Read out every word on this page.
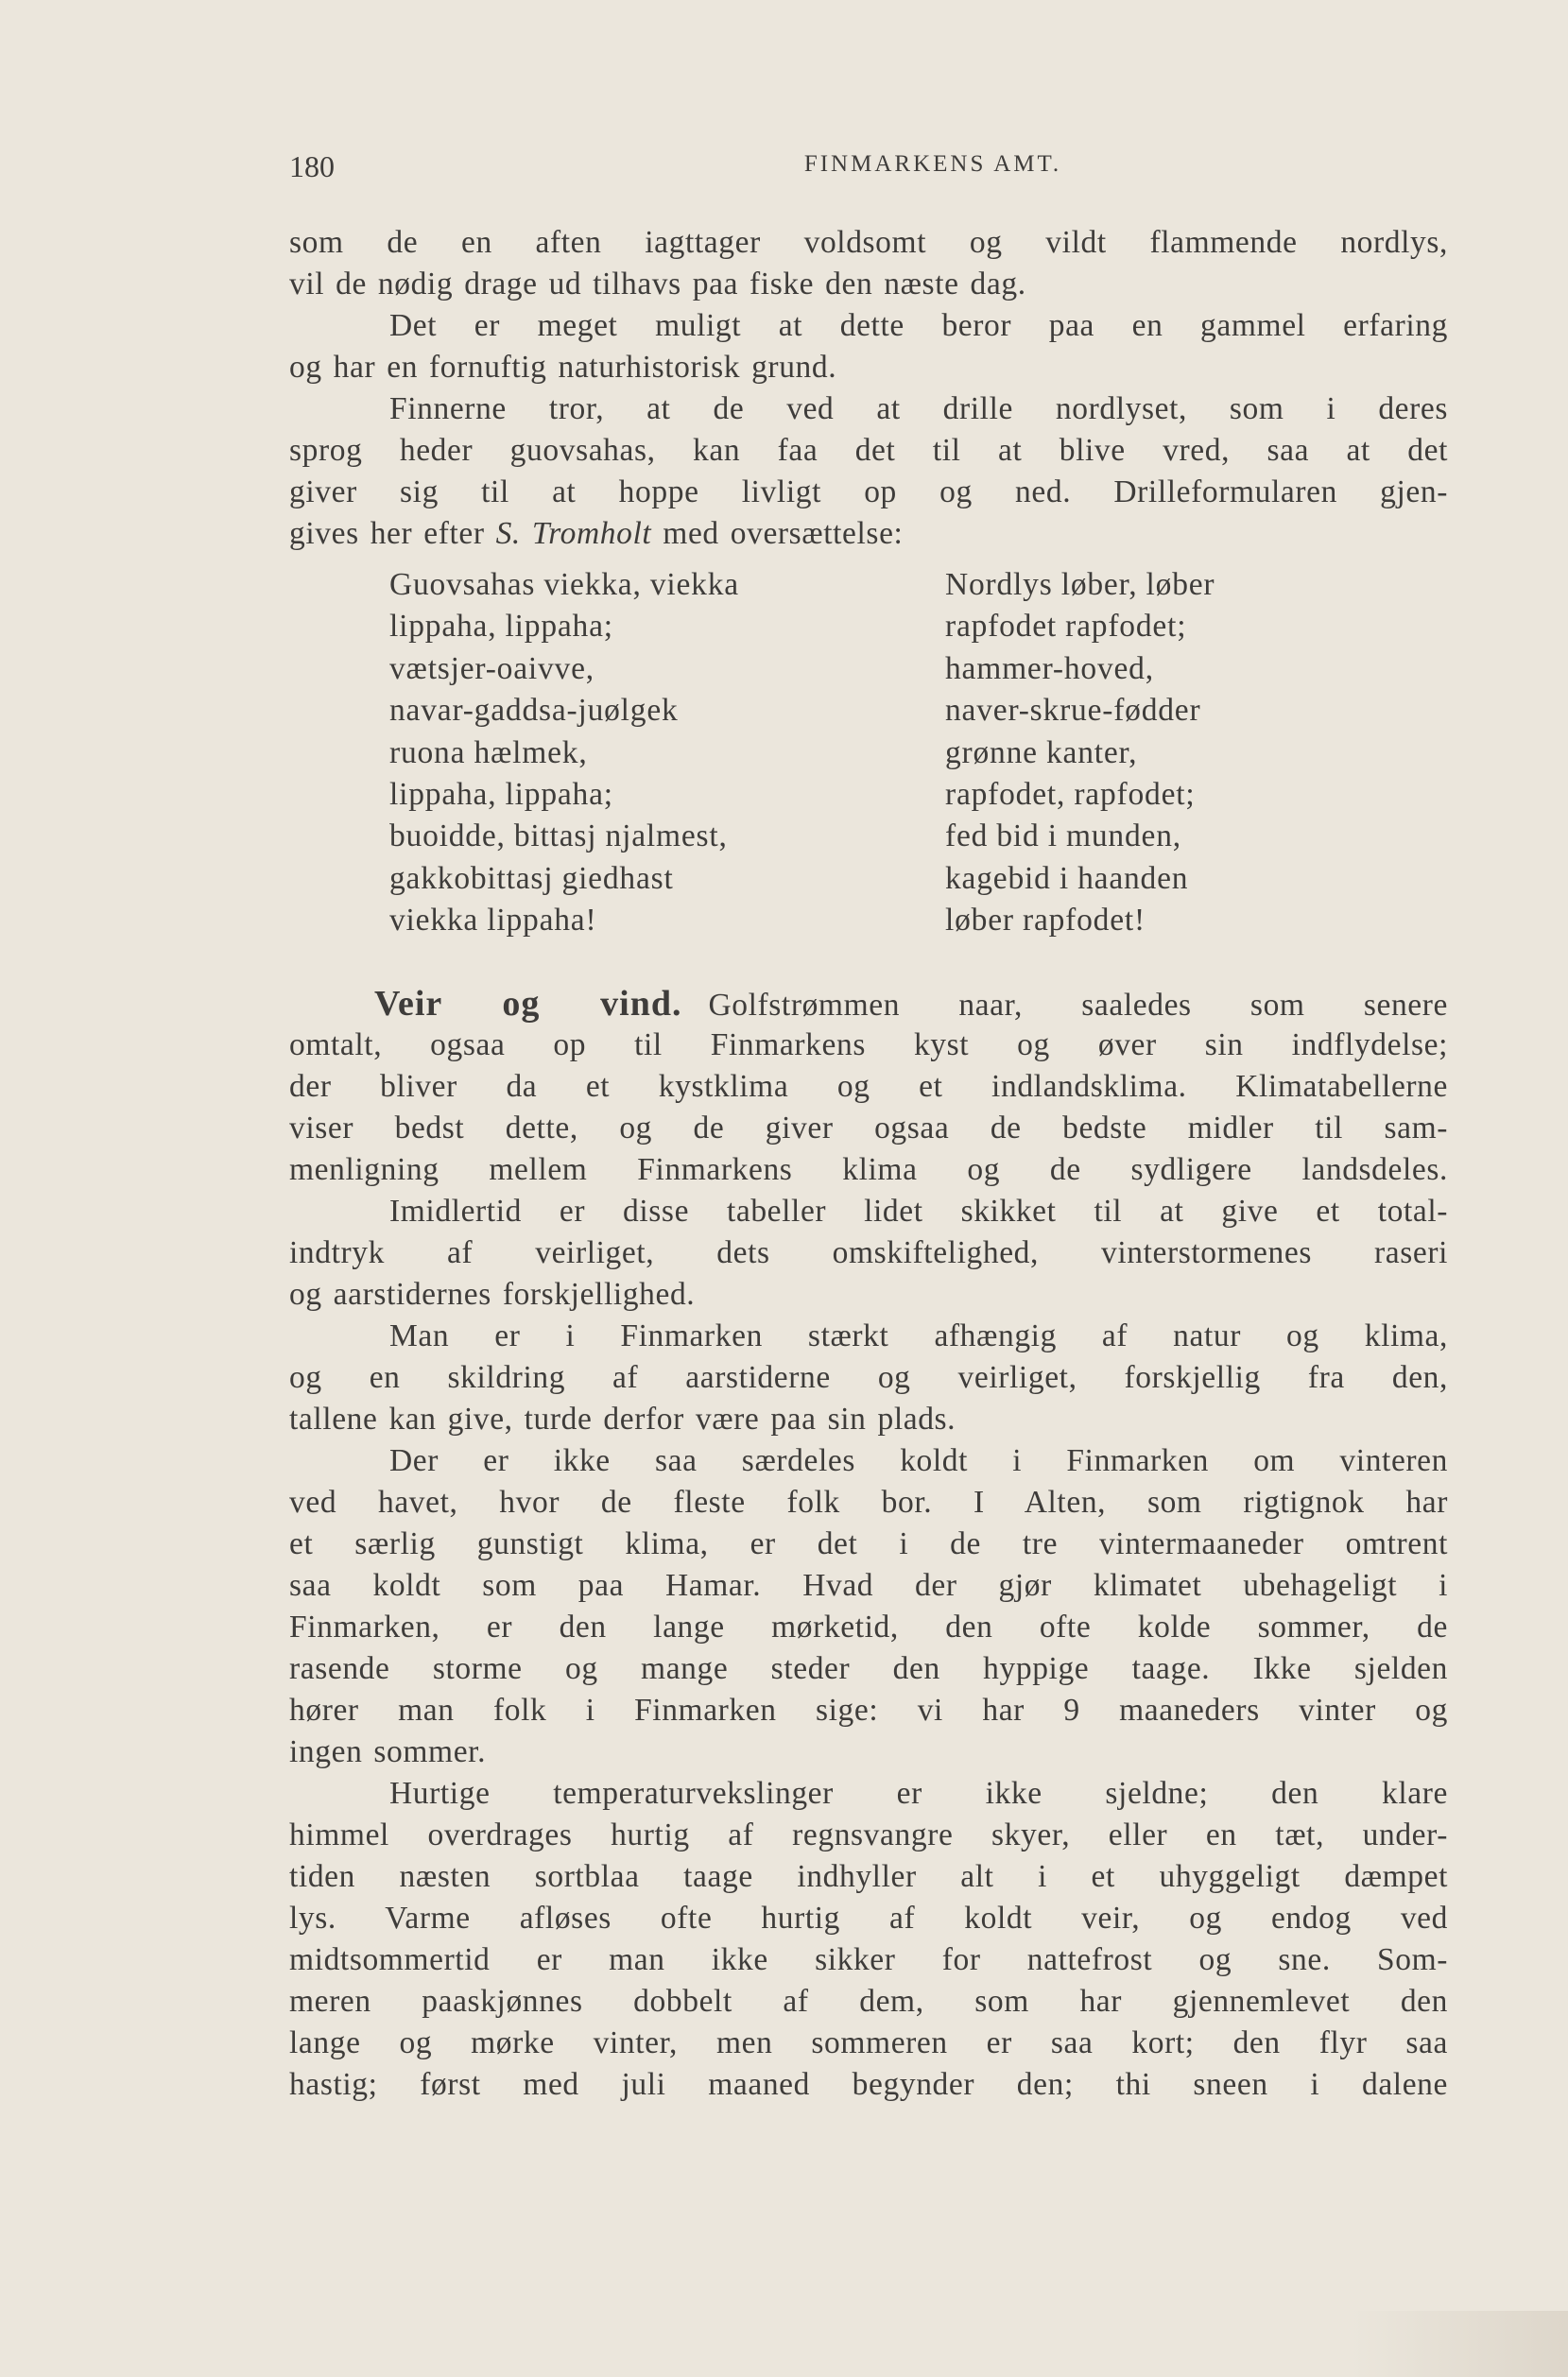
180	FINMARKENS AMT.
som de en aften iagttager voldsomt og vildt flammende nordlys,
vil de nødig drage ud tilhavs paa fiske den næste dag.
Det er meget muligt at dette beror paa en gammel erfaring
og har en fornuftig naturhistorisk grund.
Finnerne tror, at de ved at drille nordlyset, som i deres
sprog heder guovsahas, kan faa det til at blive vred, saa at det
giver sig til at hoppe livligt op og ned. Drilleformularen gjen-
gives her efter S. Tromholt med oversættelse:
Guovsahas viekka, viekka	Nordlys løber, løber
lippaha, lippaha;	rapfodet rapfodet;
vætsjer-oaivve,	hammer-hoved,
navar-gaddsa-juølgek	naver-skrue-fødder
ruona hælmek,	grønne kanter,
lippaha, lippaha;	rapfodet, rapfodet;
buoidde, bittasj njalmest,	fed bid i munden,
gakkobittasj giedhast	kagebid i haanden
viekka lippaha!	løber rapfodet!
Veir og vind. Golfstrømmen naar, saaledes som senere
omtalt, ogsaa op til Finmarkens kyst og øver sin indflydelse;
der bliver da et kystklima og et indlandsklima. Klimatabellerne
viser bedst dette, og de giver ogsaa de bedste midler til sam-
menligning mellem Finmarkens klima og de sydligere landsdeles.
Imidlertid er disse tabeller lidet skikket til at give et total-
indtryk af veirliget, dets omskiftelighed, vinterstormenes raseri
og aarstidernes forskjellighed.
Man er i Finmarken stærkt afhængig af natur og klima,
og en skildring af aarstiderne og veirliget, forskjellig fra den,
tallene kan give, turde derfor være paa sin plads.
Der er ikke saa særdeles koldt i Finmarken om vinteren
ved havet, hvor de fleste folk bor. I Alten, som rigtignok har
et særlig gunstigt klima, er det i de tre vintermaaneder omtrent
saa koldt som paa Hamar. Hvad der gjør klimatet ubehageligt i
Finmarken, er den lange mørketid, den ofte kolde sommer, de
rasende storme og mange steder den hyppige taage. Ikke sjelden
hører man folk i Finmarken sige: vi har 9 maaneders vinter og
ingen sommer.
Hurtige temperaturvekslinger er ikke sjeldne; den klare
himmel overdrages hurtig af regnsvangre skyer, eller en tæt, under-
tiden næsten sortblaa taage indhyller alt i et uhyggeligt dæmpet
lys. Varme afløses ofte hurtig af koldt veir, og endog ved
midtsommertid er man ikke sikker for nattefrost og sne. Som-
meren paaskjønnes dobbelt af dem, som har gjennemlevet den
lange og mørke vinter, men sommeren er saa kort; den flyr saa
hastig; først med juli maaned begynder den; thi sneen i dalene
